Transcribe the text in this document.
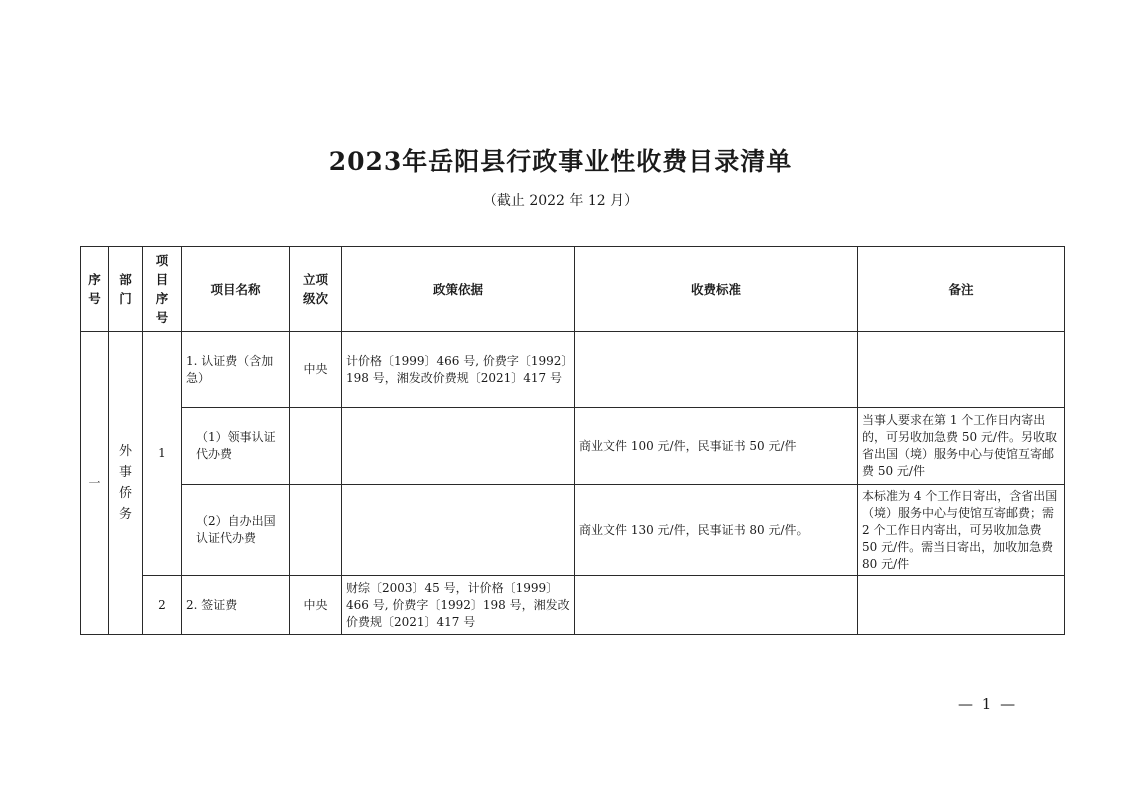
2023年岳阳县行政事业性收费目录清单
（截止 2022 年 12 月）
序号	部门	项目序号	项目名称	立项级次	政策依据	收费标准	备注
一	外事侨务	1	1. 认证费（含加急）	中央	计价格〔1999〕466 号, 价费字〔1992〕198 号，湘发改价费规〔2021〕417 号		
			（1）领事认证代办费			商业文件 100 元/件，民事证书 50 元/件	当事人要求在第 1 个工作日内寄出的，可另收加急费 50 元/件。另收取省出国（境）服务中心与使馆互寄邮费 50 元/件
			（2）自办出国认证代办费			商业文件 130 元/件，民事证书 80 元/件。	本标准为 4 个工作日寄出，含省出国（境）服务中心与使馆互寄邮费；需 2 个工作日内寄出，可另收加急费 50 元/件。需当日寄出，加收加急费 80 元/件
		2	2. 签证费	中央	财综〔2003〕45 号，计价格〔1999〕466 号, 价费字〔1992〕198 号，湘发改价费规〔2021〕417 号		
— 1 —
